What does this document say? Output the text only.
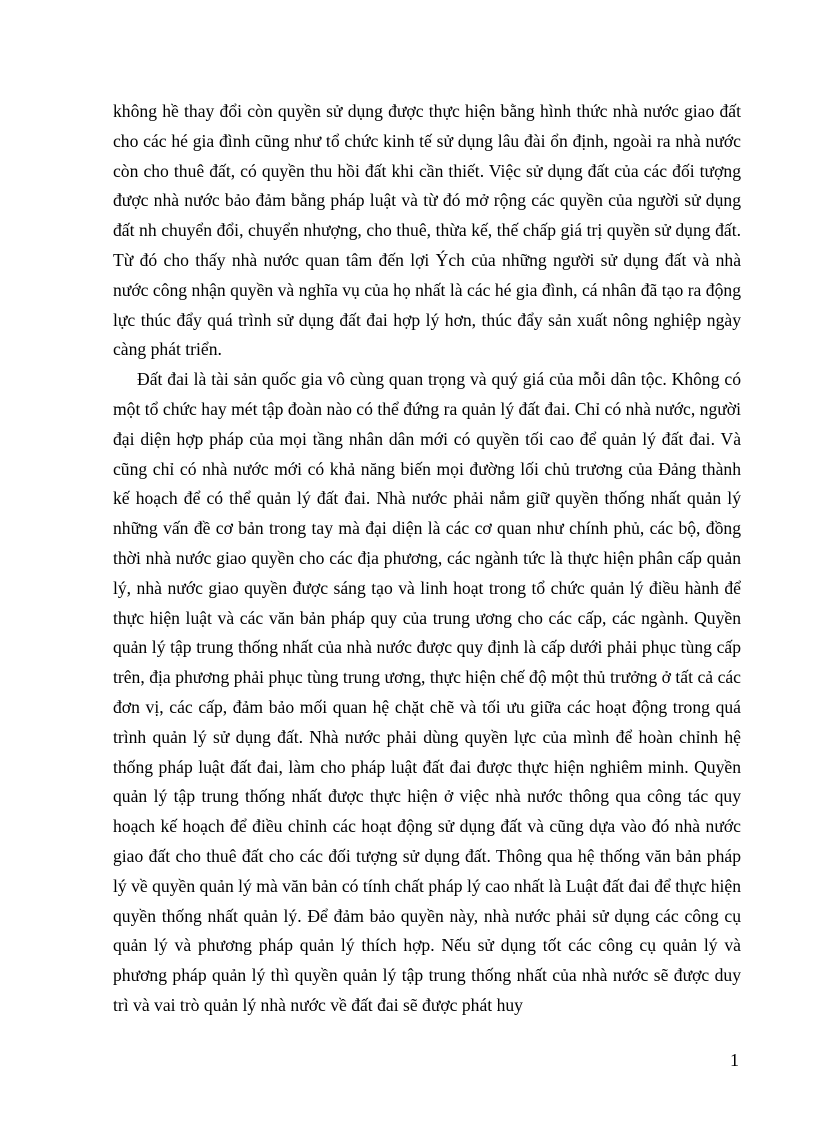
không hề thay đổi còn quyền sử dụng được thực hiện bằng hình thức nhà nước giao đất cho các hé gia đình cũng như tổ chức kinh tế sử dụng lâu đài ổn định, ngoài ra nhà nước còn cho thuê đất, có quyền thu hồi đất khi cần thiết. Việc sử dụng đất của các đối tượng được nhà nước bảo đảm bằng pháp luật và từ đó mở rộng các quyền của người sử dụng đất nh chuyển đổi, chuyển nhượng, cho thuê, thừa kế, thế chấp giá trị quyền sử dụng đất. Từ đó cho thấy nhà nước quan tâm đến lợi Ých của những người sử dụng đất và nhà nước công nhận quyền và nghĩa vụ của họ nhất là các hé gia đình, cá nhân đã tạo ra động lực thúc đẩy quá trình sử dụng đất đai hợp lý hơn, thúc đẩy sản xuất nông nghiệp ngày càng phát triển.

Đất đai là tài sản quốc gia vô cùng quan trọng và quý giá của mỗi dân tộc. Không có một tổ chức hay mét tập đoàn nào có thể đứng ra quản lý đất đai. Chỉ có nhà nước, người đại diện hợp pháp của mọi tầng nhân dân mới có quyền tối cao để quản lý đất đai. Và cũng chỉ có nhà nước mới có khả năng biến mọi đường lối chủ trương của Đảng thành kế hoạch để có thể quản lý đất đai. Nhà nước phải nắm giữ quyền thống nhất quản lý những vấn đề cơ bản trong tay mà đại diện là các cơ quan như chính phủ, các bộ, đồng thời nhà nước giao quyền cho các địa phương, các ngành tức là thực hiện phân cấp quản lý, nhà nước giao quyền được sáng tạo và linh hoạt trong tổ chức quản lý điều hành để thực hiện luật và các văn bản pháp quy của trung ương cho các cấp, các ngành. Quyền quản lý tập trung thống nhất của nhà nước được quy định là cấp dưới phải phục tùng cấp trên, địa phương phải phục tùng trung ương, thực hiện chế độ một thủ trưởng ở tất cả các đơn vị, các cấp, đảm bảo mối quan hệ chặt chẽ và tối ưu giữa các hoạt động trong quá trình quản lý sử dụng đất. Nhà nước phải dùng quyền lực của mình để hoàn chỉnh hệ thống pháp luật đất đai, làm cho pháp luật đất đai được thực hiện nghiêm minh. Quyền quản lý tập trung thống nhất được thực hiện ở việc nhà nước thông qua công tác quy hoạch kế hoạch để điều chỉnh các hoạt động sử dụng đất và cũng dựa vào đó nhà nước giao đất cho thuê đất cho các đối tượng sử dụng đất. Thông qua hệ thống văn bản pháp lý về quyền quản lý mà văn bản có tính chất pháp lý cao nhất là Luật đất đai để thực hiện quyền thống nhất quản lý. Để đảm bảo quyền này, nhà nước phải sử dụng các công cụ quản lý và phương pháp quản lý thích hợp. Nếu sử dụng tốt các công cụ quản lý và phương pháp quản lý thì quyền quản lý tập trung thống nhất của nhà nước sẽ được duy trì và vai trò quản lý nhà nước về đất đai sẽ được phát huy

1
